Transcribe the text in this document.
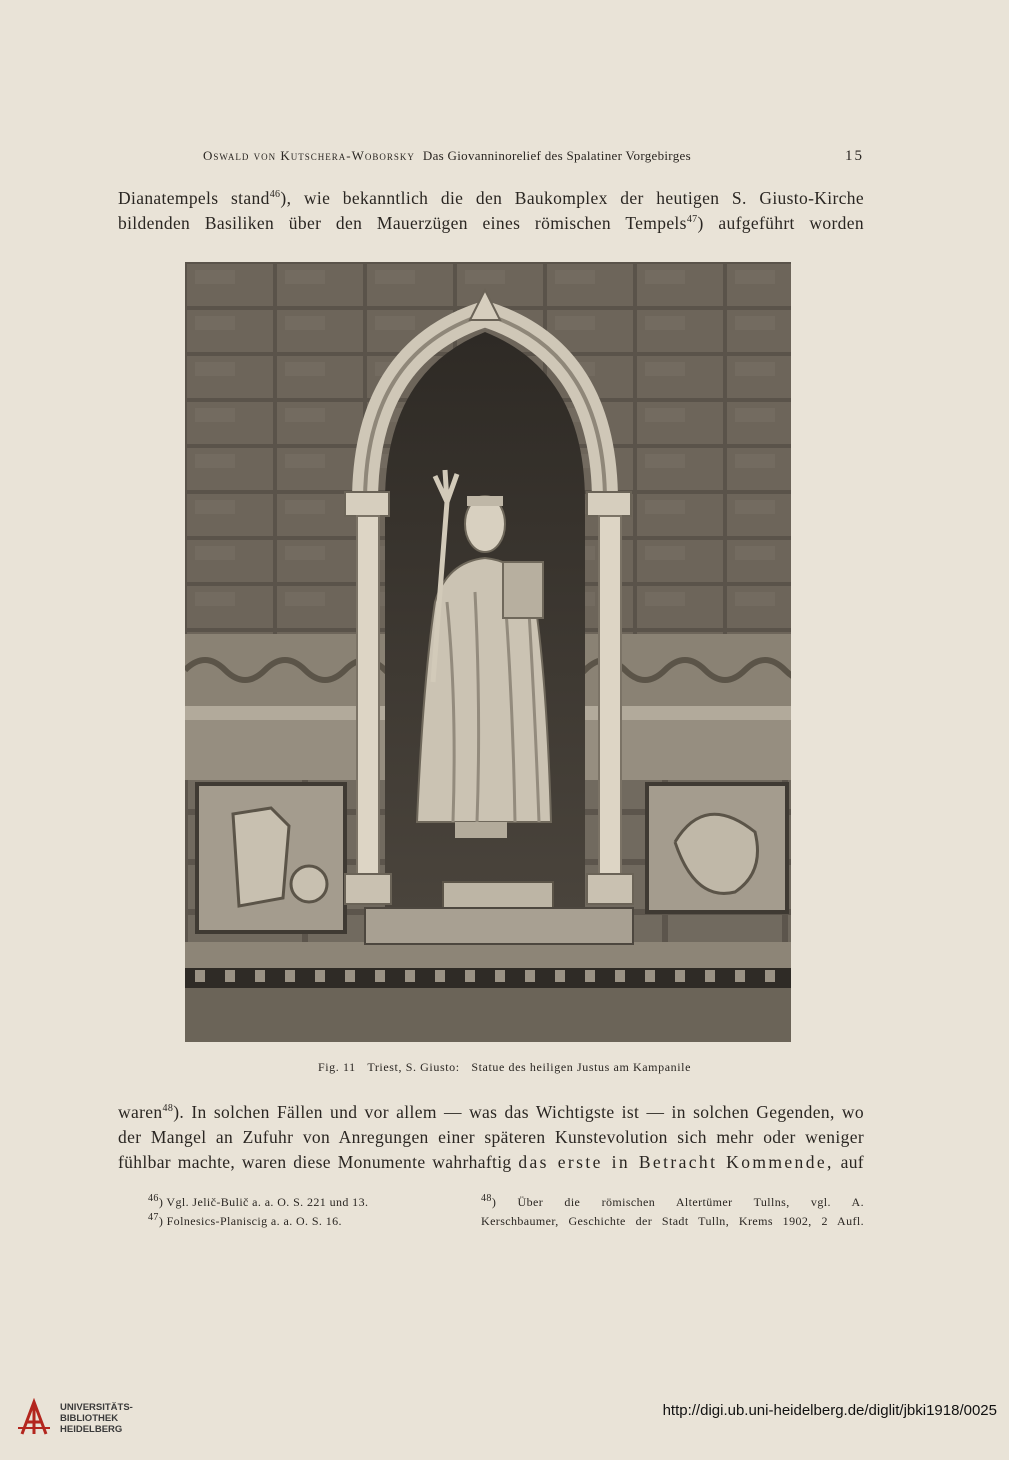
Oswald von Kutschera-Woborsky Das Giovanninorelief des Spalatiner Vorgebirges	15

Dianatempels stand$^{46}$), wie bekanntlich die den Baukomplex der heutigen S. Giusto-Kirche

bildenden Basiliken über den Mauerzügen eines römischen Tempels$^{47}$) aufgeführt worden

Fig. 11 Triest, S. Giusto: Statue des heiligen Justus am Kampanile

waren$^{48}$). In solchen Fällen und vor allem — was das Wichtigste ist — in solchen Gegenden, wo

der Mangel an Zufuhr von Anregungen einer späteren Kunstevolution sich mehr oder weniger

fühlbar machte, waren diese Monumente wahrhaftig das erste in Betracht Kommende, auf

$^{46}$) Vgl. Jelič-Bulič a. a. O. S. 221 und 13.
$^{47}$) Folnesics-Planiscig a. a. O. S. 16.
$^{48}$) Über die römischen Altertümer Tullns, vgl. A.
Kerschbaumer, Geschichte der Stadt Tulln, Krems 1902, 2 Aufl.
UNIVERSITÄTS-
BIBLIOTHEK
HEIDELBERG
http://digi.ub.uni-heidelberg.de/diglit/jbki1918/0025
